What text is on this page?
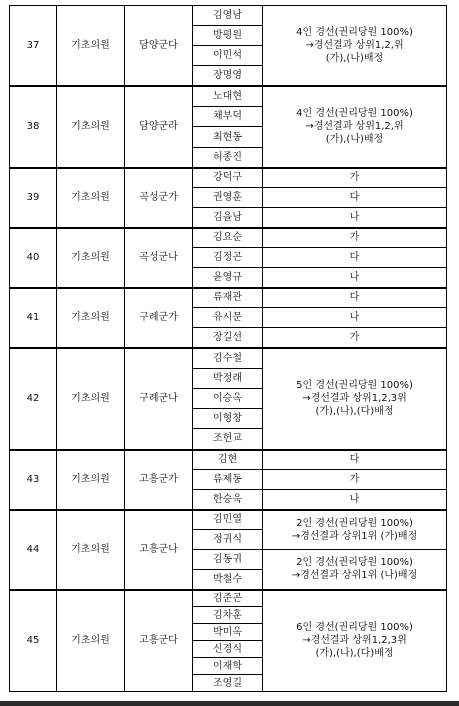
37	기초의원	담양군다	김영남	4인 경선(권리당원 100%)
→경선결과 상위1,2,위
(가),(나)배정
			방평원	
			이민석	
			장명영	
38	기초의원	담양군라	노대현	4인 경선(권리당원 100%)
→경선결과 상위1,2,위
(가),(나)배정
			채부덕	
			최현동	
			허종진	
39	기초의원	곡성군가	강덕구	가
			권영훈	다
			김을남	나
40	기초의원	곡성군나	김요순	가
			김정곤	다
			윤영규	나
41	기초의원	구례군가	류재관	다
			유시문	나
			장길선	가
42	기초의원	구례군나	김수철	5인 경선(권리당원 100%)
→경선결과 상위1,2,3위
(가),(나),(다)배정
			박정래	
			이승옥	
			이형창	
			조헌교	
43	기초의원	고흥군가	김현	다
			류제동	가
			한승욱	나
44	기초의원	고흥군나	김민열	2인 경선(권리당원 100%)
→경선결과 상위1위 (가)배정
			정귀식	
			김동귀	2인 경선(권리당원 100%)
→경선결과 상위1위 (나)배정
			박철수	
45	기초의원	고흥군다	김준곤	6인 경선(권리당원 100%)
→경선결과 상위1,2,3위
(가),(나),(다)배정
			김차훈	
			박미옥	
			신경식	
			이재학	
			조영길	
